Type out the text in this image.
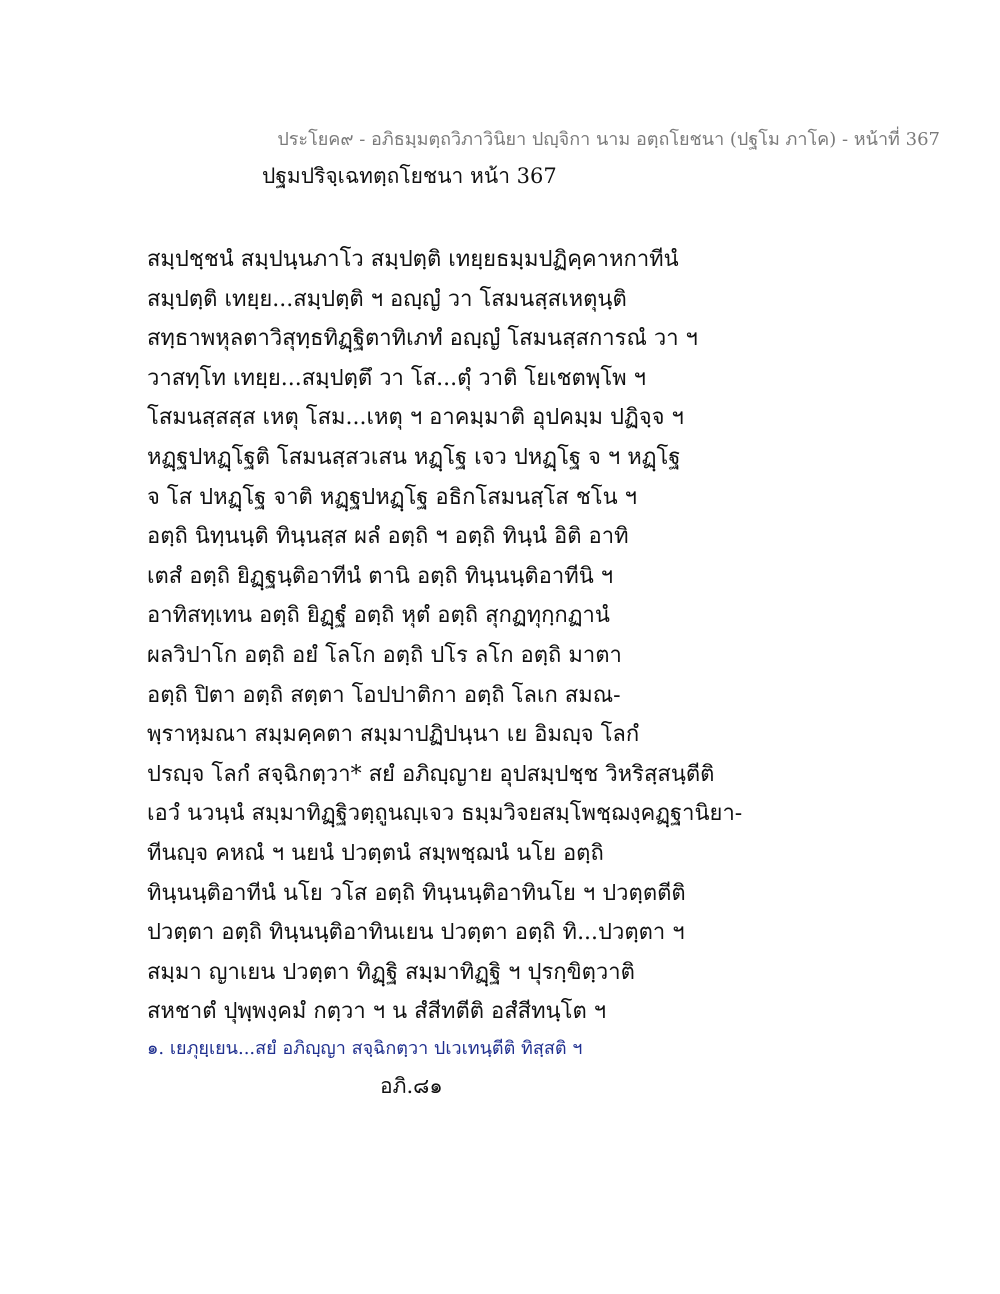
ประโยค๙ - อภิธมฺมตฺถวิภาวินิยา ปญฺจิกา นาม อตฺถโยชนา (ปฐโม ภาโค) - หน้าที่ 367
ปฐมปริจฺเฉทตฺถโยชนา หน้า 367
สมฺปชฺชนํ สมฺปนฺนภาโว สมฺปตฺติ เทยฺยธมฺมปฏิคฺคาหกาทีนํ
สมฺปตฺติ เทยฺย...สมฺปตฺติ ฯ อญฺญํ วา โสมนสฺสเหตุนฺติ
สทฺธาพหุลตาวิสุทฺธทิฏฺฐิตาทิเภทํ อญฺญํ โสมนสฺสการณํ วา ฯ
วาสทฺโท เทยฺย...สมฺปตฺตึ วา โส...ตุํ วาติ โยเชตพฺโพ ฯ
โสมนสฺสสฺส เหตุ โสม...เหตุ ฯ อาคมฺมาติ อุปคมฺม ปฏิจฺจ ฯ
หฏฺฐปหฏฺโฐติ โสมนสฺสวเสน หฏฺโฐ เจว ปหฏฺโฐ จ ฯ หฏฺโฐ
จ โส ปหฏฺโฐ จาติ หฏฺฐปหฏฺโฐ อธิกโสมนสฺโส ชโน ฯ
อตฺถิ นิทฺนนฺติ ทินฺนสฺส ผลํ อตฺถิ ฯ อตฺถิ ทินฺนํ อิติ อาทิ
เตสํ อตฺถิ ยิฏฺฐนฺติอาทีนํ ตานิ อตฺถิ ทินฺนนฺติอาทีนิ ฯ
อาทิสทฺเทน อตฺถิ ยิฏฺฐํ อตฺถิ หุตํ อตฺถิ สุกฏทุกฺกฏานํ
ผลวิปาโก อตฺถิ อยํ โลโก อตฺถิ ปโร ลโก อตฺถิ มาตา
อตฺถิ ปิตา อตฺถิ สตฺตา โอปปาติกา อตฺถิ โลเก สมณ-
พฺราหฺมณา สมฺมคฺคตา สมฺมาปฏิปนฺนา เย อิมญฺจ โลกํ
ปรญฺจ โลกํ สจฺฉิกตฺวา* สยํ อภิญฺญาย อุปสมฺปชฺช วิหริสฺสนฺตีติ
เอวํ นวนฺนํ สมฺมาทิฏฺฐิวตฺถูนญฺเจว ธมฺมวิจยสมฺโพชฺฌงฺคฏฺฐานิยา-
ทีนญฺจ คหณํ ฯ นยนํ ปวตฺตนํ สมฺพชฺฌนํ นโย อตฺถิ
ทินฺนนฺติอาทีนํ นโย วโส อตฺถิ ทินฺนนฺติอาทินโย ฯ ปวตฺตตีติ
ปวตฺตา อตฺถิ ทินฺนนฺติอาทินเยน ปวตฺตา อตฺถิ ทิ...ปวตฺตา ฯ
สมฺมา ญาเยน ปวตฺตา ทิฏฺฐิ สมฺมาทิฏฺฐิ ฯ ปุรกฺขิตฺวาติ
สหชาตํ ปุพฺพงฺคมํ กตฺวา ฯ น สํสีทตีติ อสํสีทนฺโต ฯ
๑. เยภุยฺเยน...สยํ อภิญฺญา สจฺฉิกตฺวา ปเวเทนฺตีติ ทิสฺสติ ฯ
อภิ.๘๑
